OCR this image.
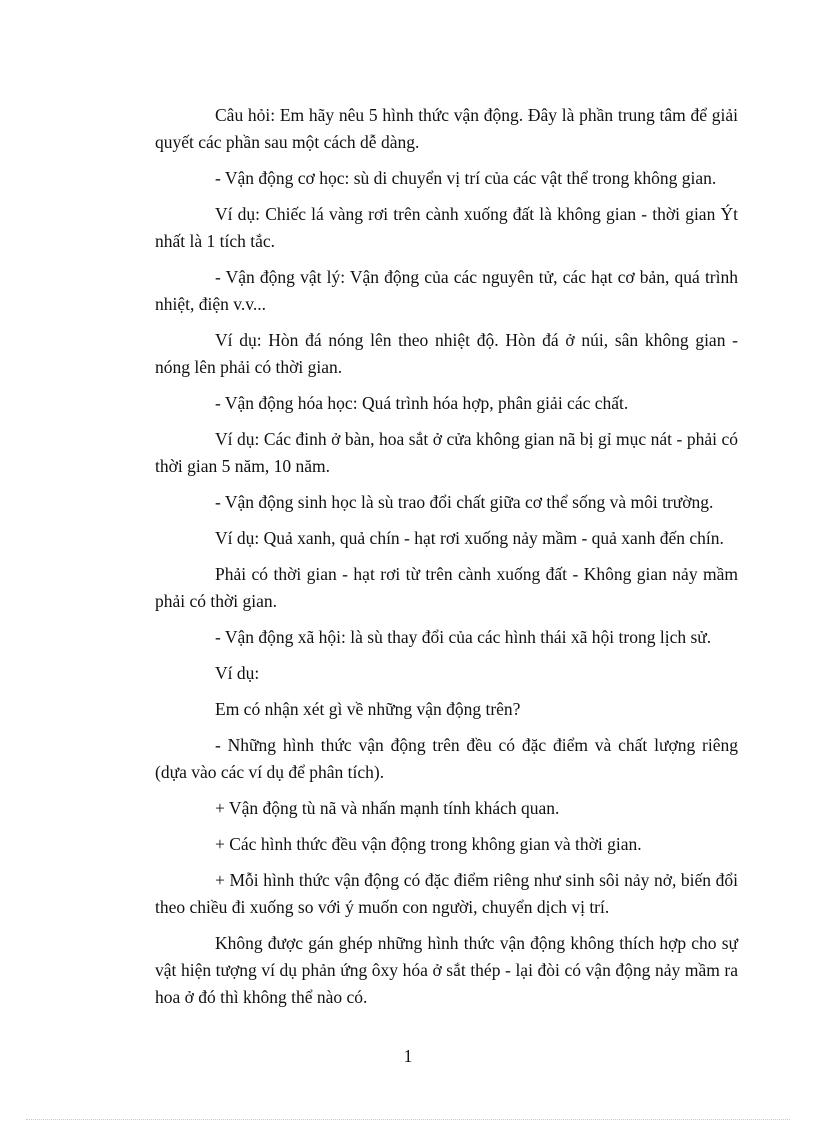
Câu hỏi: Em hãy nêu 5 hình thức vận động. Đây là phần trung tâm để giải quyết các phần sau một cách dễ dàng.

- Vận động cơ học: sù di chuyển vị trí của các vật thể trong không gian.

Ví dụ: Chiếc lá vàng rơi trên cành xuống đất là không gian - thời gian Ýt nhất là 1 tích tắc.

- Vận động vật lý: Vận động của các nguyên tử, các hạt cơ bản, quá trình nhiệt, điện v.v...

Ví dụ: Hòn đá nóng lên theo nhiệt độ. Hòn đá ở núi, sân không gian - nóng lên phải có thời gian.

- Vận động hóa học: Quá trình hóa hợp, phân giải các chất.

Ví dụ: Các đinh ở bàn, hoa sắt ở cửa không gian nã bị gỉ mục nát - phải có thời gian 5 năm, 10 năm.

- Vận động sinh học là sù trao đổi chất giữa cơ thể sống và môi trường.

Ví dụ: Quả xanh, quả chín - hạt rơi xuống nảy mầm - quả xanh đến chín.

Phải có thời gian - hạt rơi từ trên cành xuống đất - Không gian nảy mầm phải có thời gian.

- Vận động xã hội: là sù thay đổi của các hình thái xã hội trong lịch sử.

Ví dụ:

Em có nhận xét gì về những vận động trên?

- Những hình thức vận động trên đều có đặc điểm và chất lượng riêng (dựa vào các ví dụ để phân tích).

+ Vận động tù nã và nhấn mạnh tính khách quan.

+ Các hình thức đều vận động trong không gian và thời gian.

+ Mỗi hình thức vận động có đặc điểm riêng như sinh sôi nảy nở, biến đổi theo chiều đi xuống so với ý muốn con người, chuyển dịch vị trí.

Không được gán ghép những hình thức vận động không thích hợp cho sự vật hiện tượng ví dụ phản ứng ôxy hóa ở sắt thép - lại đòi có vận động nảy mầm ra hoa ở đó thì không thể nào có.

1
